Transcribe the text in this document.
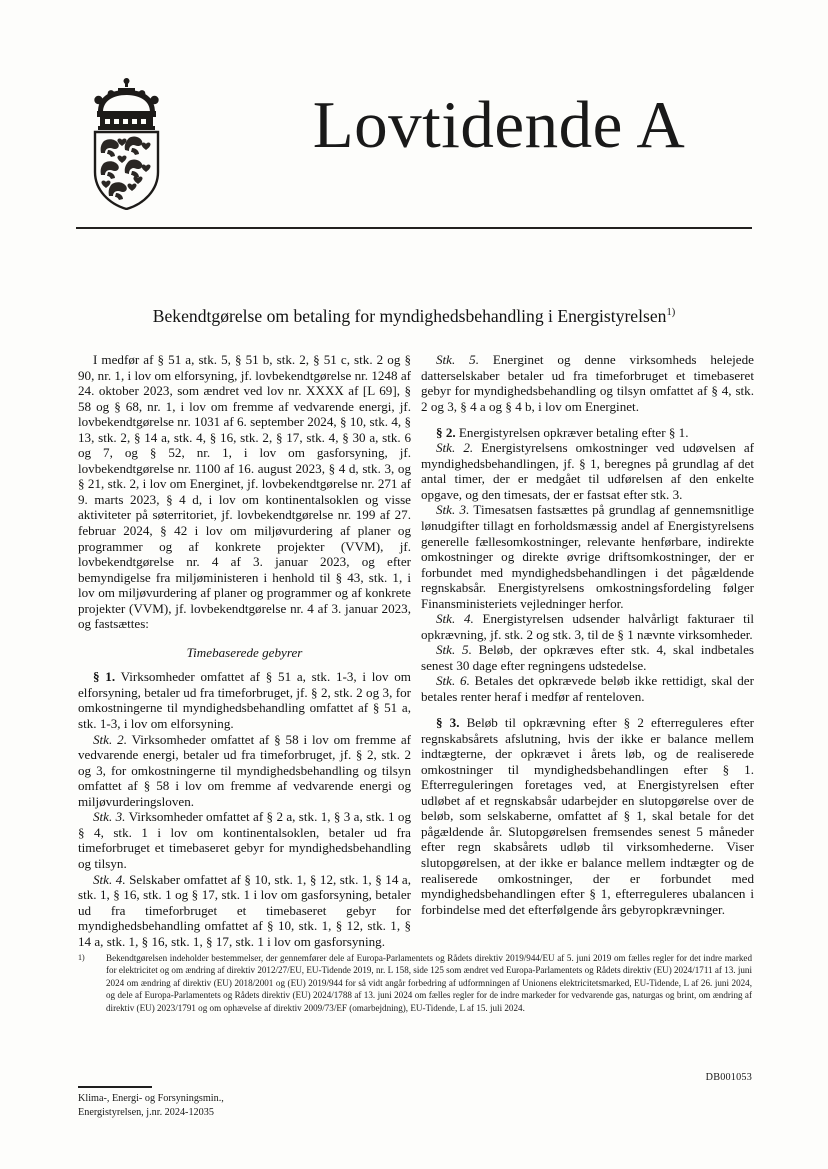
Lovtidende A
Bekendtgørelse om betaling for myndighedsbehandling i Energistyrelsen$^{1)}$

I medfør af § 51 a, stk. 5, § 51 b, stk. 2, § 51 c, stk. 2 og § 90, nr. 1, i lov om elforsyning, jf. lovbekendtgørelse nr. 1248 af 24. oktober 2023, som ændret ved lov nr. XXXX af [L 69], § 58 og § 68, nr. 1, i lov om fremme af vedvarende energi, jf. lovbekendtgørelse nr. 1031 af 6. september 2024, § 10, stk. 4, § 13, stk. 2, § 14 a, stk. 4, § 16, stk. 2, § 17, stk. 4, § 30 a, stk. 6 og 7, og § 52, nr. 1, i lov om gasforsyning, jf. lovbekendtgørelse nr. 1100 af 16. august 2023, § 4 d, stk. 3, og § 21, stk. 2, i lov om Energinet, jf. lovbekendtgørelse nr. 271 af 9. marts 2023, § 4 d, i lov om kontinentalsoklen og visse aktiviteter på søterritoriet, jf. lovbekendtgørelse nr. 199 af 27. februar 2024, § 42 i lov om miljøvurdering af planer og programmer og af konkrete projekter (VVM), jf. lovbekendtgørelse nr. 4 af 3. januar 2023, og efter bemyndigelse fra miljøministeren i henhold til § 43, stk. 1, i lov om miljøvurdering af planer og programmer og af konkrete projekter (VVM), jf. lovbekendtgørelse nr. 4 af 3. januar 2023, og fastsættes:

Timebaserede gebyrer

§ 1. Virksomheder omfattet af § 51 a, stk. 1-3, i lov om elforsyning, betaler ud fra timeforbruget, jf. § 2, stk. 2 og 3, for omkostningerne til myndighedsbehandling omfattet af § 51 a, stk. 1-3, i lov om elforsyning.

Stk. 2. Virksomheder omfattet af § 58 i lov om fremme af vedvarende energi, betaler ud fra timeforbruget, jf. § 2, stk. 2 og 3, for omkostningerne til myndighedsbehandling og tilsyn omfattet af § 58 i lov om fremme af vedvarende energi og miljøvurderingsloven.

Stk. 3. Virksomheder omfattet af § 2 a, stk. 1, § 3 a, stk. 1 og § 4, stk. 1 i lov om kontinentalsoklen, betaler ud fra timeforbruget et timebaseret gebyr for myndighedsbehandling og tilsyn.

Stk. 4. Selskaber omfattet af § 10, stk. 1, § 12, stk. 1, § 14 a, stk. 1, § 16, stk. 1 og § 17, stk. 1 i lov om gasforsyning, betaler ud fra timeforbruget et timebaseret gebyr for myndighedsbehandling omfattet af § 10, stk. 1, § 12, stk. 1, § 14 a, stk. 1, § 16, stk. 1, § 17, stk. 1 i lov om gasforsyning.

Stk. 5. Energinet og denne virksomheds helejede datterselskaber betaler ud fra timeforbruget et timebaseret gebyr for myndighedsbehandling og tilsyn omfattet af § 4, stk. 2 og 3, § 4 a og § 4 b, i lov om Energinet.

§ 2. Energistyrelsen opkræver betaling efter § 1.

Stk. 2. Energistyrelsens omkostninger ved udøvelsen af myndighedsbehandlingen, jf. § 1, beregnes på grundlag af det antal timer, der er medgået til udførelsen af den enkelte opgave, og den timesats, der er fastsat efter stk. 3.

Stk. 3. Timesatsen fastsættes på grundlag af gennemsnitlige lønudgifter tillagt en forholdsmæssig andel af Energistyrelsens generelle fællesomkostninger, relevante henførbare, indirekte omkostninger og direkte øvrige driftsomkostninger, der er forbundet med myndighedsbehandlingen i det pågældende regnskabsår. Energistyrelsens omkostningsfordeling følger Finansministeriets vejledninger herfor.

Stk. 4. Energistyrelsen udsender halvårligt fakturaer til opkrævning, jf. stk. 2 og stk. 3, til de § 1 nævnte virksomheder.

Stk. 5. Beløb, der opkræves efter stk. 4, skal indbetales senest 30 dage efter regningens udstedelse.

Stk. 6. Betales det opkrævede beløb ikke rettidigt, skal der betales renter heraf i medfør af renteloven.

§ 3. Beløb til opkrævning efter § 2 efterreguleres efter regnskabsårets afslutning, hvis der ikke er balance mellem indtægterne, der opkrævet i årets løb, og de realiserede omkostninger til myndighedsbehandlingen efter § 1. Efterreguleringen foretages ved, at Energistyrelsen efter udløbet af et regnskabsår udarbejder en slutopgørelse over de beløb, som selskaberne, omfattet af § 1, skal betale for det pågældende år. Slutopgørelsen fremsendes senest 5 måneder efter regn skabsårets udløb til virksomhederne. Viser slutopgørelsen, at der ikke er balance mellem indtægter og de realiserede omkostninger, der er forbundet med myndighedsbehandlingen efter § 1, efterreguleres ubalancen i forbindelse med det efterfølgende års gebyropkrævninger.

1)	Bekendtgørelsen indeholder bestemmelser, der gennemfører dele af Europa-Parlamentets og Rådets direktiv 2019/944/EU af 5. juni 2019 om fælles regler for det indre marked for elektricitet og om ændring af direktiv 2012/27/EU, EU-Tidende 2019, nr. L 158, side 125 som ændret ved Europa-Parlamentets og Rådets direktiv (EU) 2024/1711 af 13. juni 2024 om ændring af direktiv (EU) 2018/2001 og (EU) 2019/944 for så vidt angår forbedring af udformningen af Unionens elektricitetsmarked, EU-Tidende, L af 26. juni 2024, og dele af Europa-Parlamentets og Rådets direktiv (EU) 2024/1788 af 13. juni 2024 om fælles regler for de indre markeder for vedvarende gas, naturgas og brint, om ændring af direktiv (EU) 2023/1791 og om ophævelse af direktiv 2009/73/EF (omarbejdning), EU-Tidende, L af 15. juli 2024.
DB001053
Klima-, Energi- og Forsyningsmin.,
Energistyrelsen, j.nr. 2024-12035
